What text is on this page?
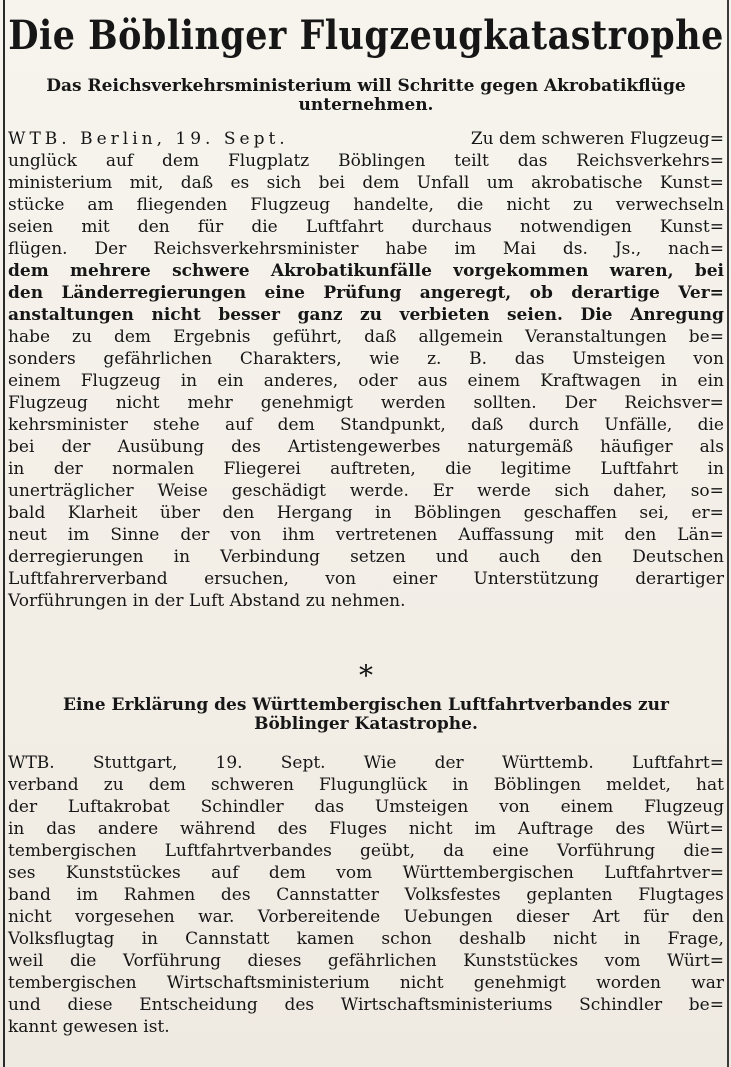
Die Böblinger Flugzeugkatastrophe
Das Reichsverkehrsministerium will Schritte gegen Akrobatikflüge
unternehmen.
WTB. Berlin, 19. Sept.	Zu dem schweren Flugzeug=
unglück auf dem Flugplatz Böblingen teilt das Reichsverkehrs=
ministerium mit, daß es sich bei dem Unfall um akrobatische Kunst=
stücke am fliegenden Flugzeug handelte, die nicht zu verwechseln
seien mit den für die Luftfahrt durchaus notwendigen Kunst=
flügen. Der Reichsverkehrsminister habe im Mai ds. Js., nach=
dem mehrere schwere Akrobatikunfälle vorgekommen waren, bei
den Länderregierungen eine Prüfung angeregt, ob derartige Ver=
anstaltungen nicht besser ganz zu verbieten seien. Die Anregung
habe zu dem Ergebnis geführt, daß allgemein Veranstaltungen be=
sonders gefährlichen Charakters, wie z. B. das Umsteigen von
einem Flugzeug in ein anderes, oder aus einem Kraftwagen in ein
Flugzeug nicht mehr genehmigt werden sollten. Der Reichsver=
kehrsminister stehe auf dem Standpunkt, daß durch Unfälle, die
bei der Ausübung des Artistengewerbes naturgemäß häufiger als
in der normalen Fliegerei auftreten, die legitime Luftfahrt in
unerträglicher Weise geschädigt werde. Er werde sich daher, so=
bald Klarheit über den Hergang in Böblingen geschaffen sei, er=
neut im Sinne der von ihm vertretenen Auffassung mit den Län=
derregierungen in Verbindung setzen und auch den Deutschen
Luftfahrerverband ersuchen, von einer Unterstützung derartiger
Vorführungen in der Luft Abstand zu nehmen.
*
Eine Erklärung des Württembergischen Luftfahrtverbandes zur
Böblinger Katastrophe.
WTB. Stuttgart, 19. Sept. Wie der Württemb. Luftfahrt=
verband zu dem schweren Flugunglück in Böblingen meldet, hat
der Luftakrobat Schindler das Umsteigen von einem Flugzeug
in das andere während des Fluges nicht im Auftrage des Würt=
tembergischen Luftfahrtverbandes geübt, da eine Vorführung die=
ses Kunststückes auf dem vom Württembergischen Luftfahrtver=
band im Rahmen des Cannstatter Volksfestes geplanten Flugtages
nicht vorgesehen war. Vorbereitende Uebungen dieser Art für den
Volksflugtag in Cannstatt kamen schon deshalb nicht in Frage,
weil die Vorführung dieses gefährlichen Kunststückes vom Würt=
tembergischen Wirtschaftsministerium nicht genehmigt worden war
und diese Entscheidung des Wirtschaftsministeriums Schindler be=
kannt gewesen ist.
